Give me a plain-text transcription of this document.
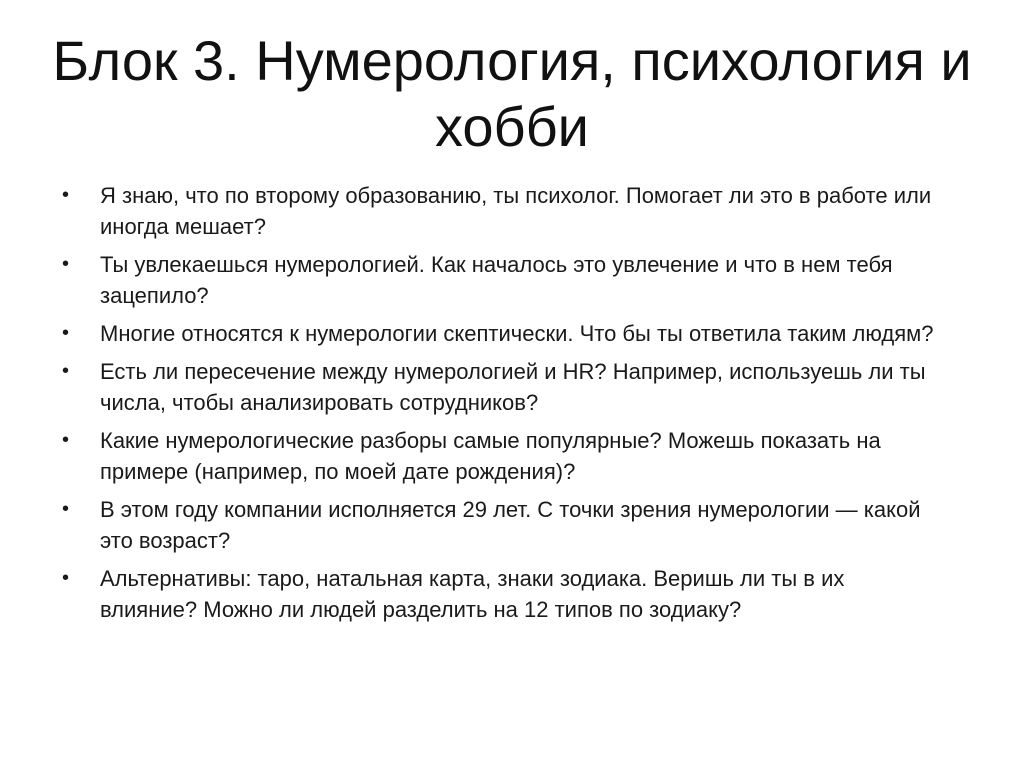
Блок 3. Нумерология, психология и хобби
• Я знаю, что по второму образованию, ты психолог. Помогает ли это в работе или иногда мешает?
• Ты увлекаешься нумерологией. Как началось это увлечение и что в нем тебя зацепило?
• Многие относятся к нумерологии скептически. Что бы ты ответила таким людям?
• Есть ли пересечение между нумерологией и HR? Например, используешь ли ты числа, чтобы анализировать сотрудников?
• Какие нумерологические разборы самые популярные? Можешь показать на примере (например, по моей дате рождения)?
• В этом году компании исполняется 29 лет. С точки зрения нумерологии — какой это возраст?
• Альтернативы: таро, натальная карта, знаки зодиака. Веришь ли ты в их влияние? Можно ли людей разделить на 12 типов по зодиаку?
